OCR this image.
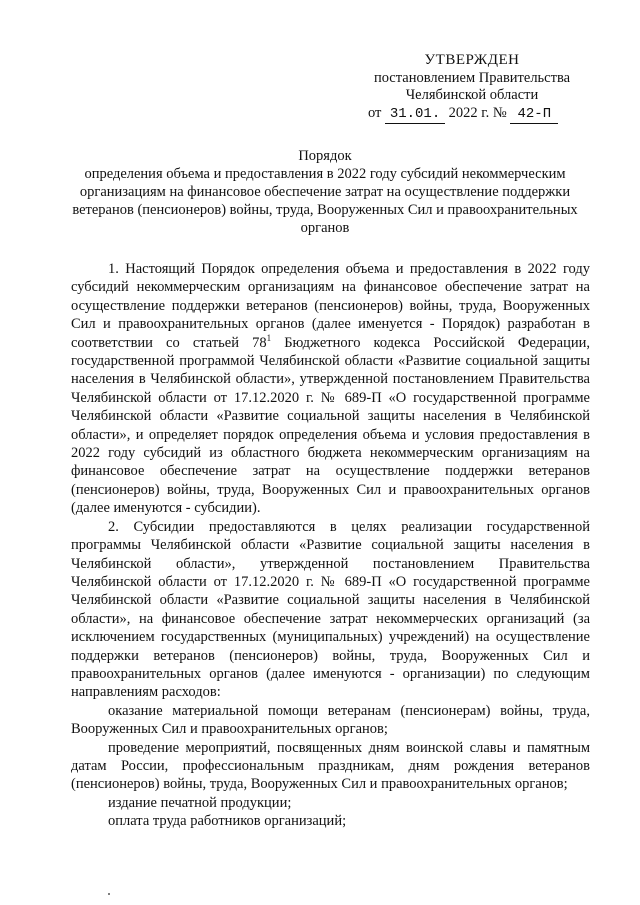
УТВЕРЖДЕН
постановлением Правительства
Челябинской области
от 31.01. 2022 г. № 42-П
Порядок
определения объема и предоставления в 2022 году субсидий некоммерческим организациям на финансовое обеспечение затрат на осуществление поддержки ветеранов (пенсионеров) войны, труда, Вооруженных Сил и правоохранительных органов

1. Настоящий Порядок определения объема и предоставления в 2022 году субсидий некоммерческим организациям на финансовое обеспечение затрат на осуществление поддержки ветеранов (пенсионеров) войны, труда, Вооруженных Сил и правоохранительных органов (далее именуется - Порядок) разработан в соответствии со статьей $78^1$ Бюджетного кодекса Российской Федерации, государственной программой Челябинской области «Развитие социальной защиты населения в Челябинской области», утвержденной постановлением Правительства Челябинской области от 17.12.2020 г. № 689-П «О государственной программе Челябинской области «Развитие социальной защиты населения в Челябинской области», и определяет порядок определения объема и условия предоставления в 2022 году субсидий из областного бюджета некоммерческим организациям на финансовое обеспечение затрат на осуществление поддержки ветеранов (пенсионеров) войны, труда, Вооруженных Сил и правоохранительных органов (далее именуются - субсидии).

2. Субсидии предоставляются в целях реализации государственной программы Челябинской области «Развитие социальной защиты населения в Челябинской области», утвержденной постановлением Правительства Челябинской области от 17.12.2020 г. № 689-П «О государственной программе Челябинской области «Развитие социальной защиты населения в Челябинской области», на финансовое обеспечение затрат некоммерческих организаций (за исключением государственных (муниципальных) учреждений) на осуществление поддержки ветеранов (пенсионеров) войны, труда, Вооруженных Сил и правоохранительных органов (далее именуются - организации) по следующим направлениям расходов:

оказание материальной помощи ветеранам (пенсионерам) войны, труда, Вооруженных Сил и правоохранительных органов;

проведение мероприятий, посвященных дням воинской славы и памятным датам России, профессиональным праздникам, дням рождения ветеранов (пенсионеров) войны, труда, Вооруженных Сил и правоохранительных органов;

издание печатной продукции;

оплата труда работников организаций;
